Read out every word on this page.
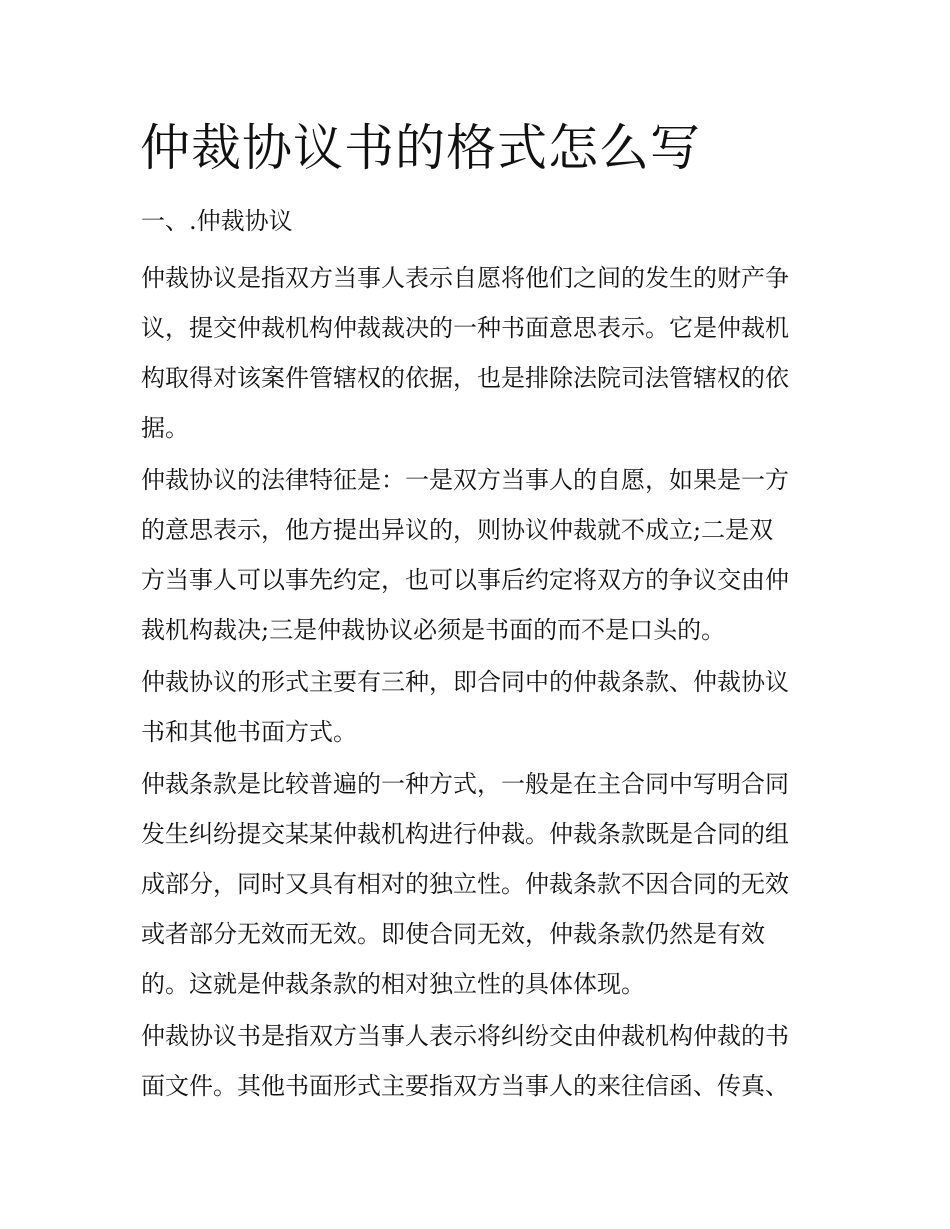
仲裁协议书的格式怎么写
一、.仲裁协议

仲裁协议是指双方当事人表示自愿将他们之间的发生的财产争
议，提交仲裁机构仲裁裁决的一种书面意思表示。它是仲裁机
构取得对该案件管辖权的依据，也是排除法院司法管辖权的依
据。

仲裁协议的法律特征是：一是双方当事人的自愿，如果是一方
的意思表示，他方提出异议的，则协议仲裁就不成立;二是双
方当事人可以事先约定，也可以事后约定将双方的争议交由仲
裁机构裁决;三是仲裁协议必须是书面的而不是口头的。

仲裁协议的形式主要有三种，即合同中的仲裁条款、仲裁协议
书和其他书面方式。

仲裁条款是比较普遍的一种方式，一般是在主合同中写明合同
发生纠纷提交某某仲裁机构进行仲裁。仲裁条款既是合同的组
成部分，同时又具有相对的独立性。仲裁条款不因合同的无效
或者部分无效而无效。即使合同无效，仲裁条款仍然是有效
的。这就是仲裁条款的相对独立性的具体体现。

仲裁协议书是指双方当事人表示将纠纷交由仲裁机构仲裁的书
面文件。其他书面形式主要指双方当事人的来往信函、传真、
